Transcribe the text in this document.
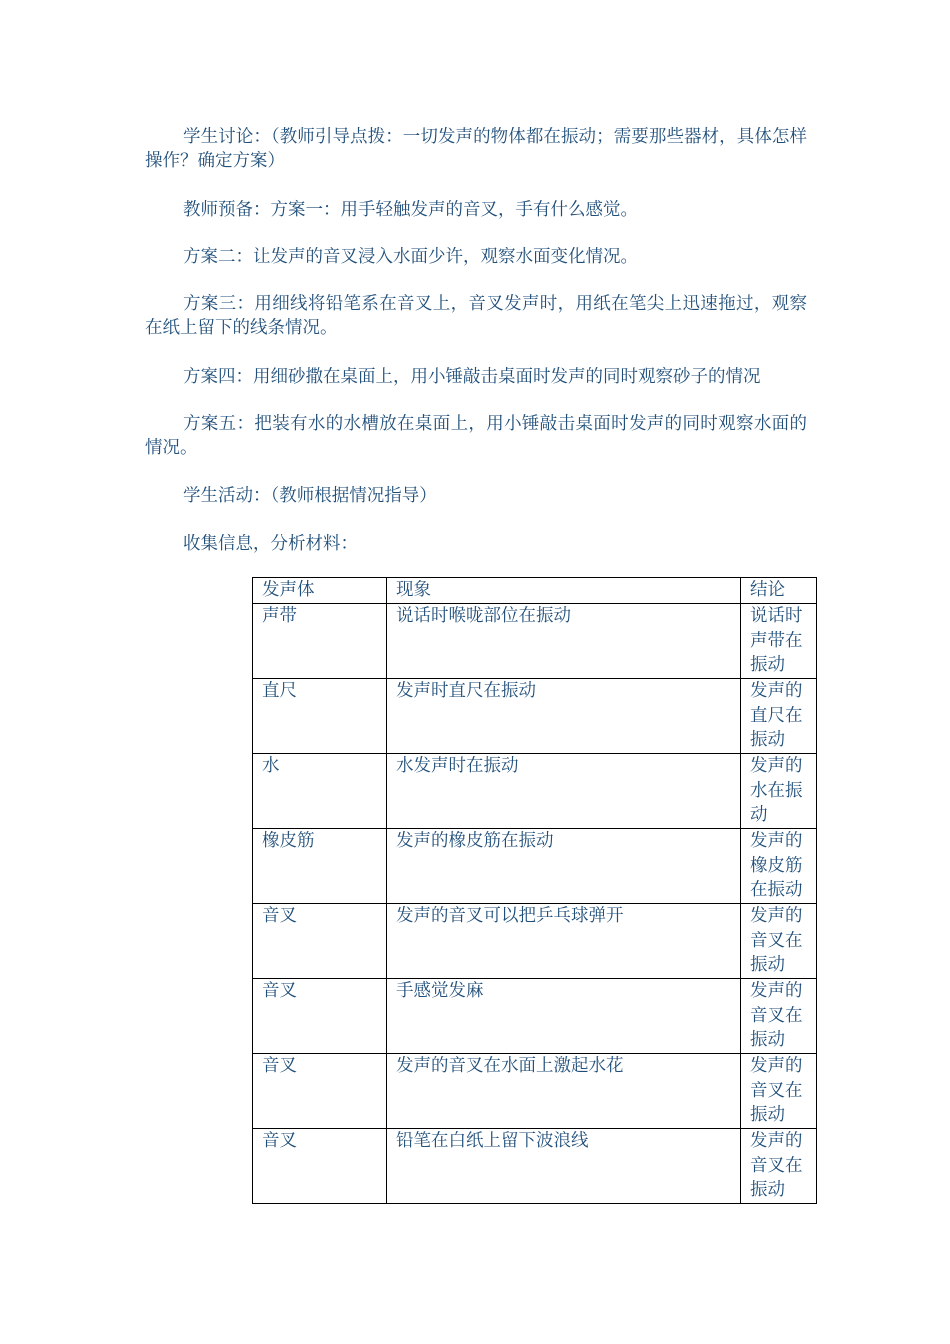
学生讨论：（教师引导点拨：一切发声的物体都在振动；需要那些器材，具体怎样操作？确定方案）

教师预备：方案一：用手轻触发声的音叉，手有什么感觉。

方案二：让发声的音叉浸入水面少许，观察水面变化情况。

方案三：用细线将铅笔系在音叉上，音叉发声时，用纸在笔尖上迅速拖过，观察在纸上留下的线条情况。

方案四：用细砂撒在桌面上，用小锤敲击桌面时发声的同时观察砂子的情况

方案五：把装有水的水槽放在桌面上，用小锤敲击桌面时发声的同时观察水面的情况。

学生活动：（教师根据情况指导）

收集信息，分析材料：

发声体	现象	结论
声带	说话时喉咙部位在振动	说话时声带在振动
直尺	发声时直尺在振动	发声的直尺在振动
水	水发声时在振动	发声的水在振动
橡皮筋	发声的橡皮筋在振动	发声的橡皮筋在振动
音叉	发声的音叉可以把乒乓球弹开	发声的音叉在振动
音叉	手感觉发麻	发声的音叉在振动
音叉	发声的音叉在水面上激起水花	发声的音叉在振动
音叉	铅笔在白纸上留下波浪线	发声的音叉在振动
